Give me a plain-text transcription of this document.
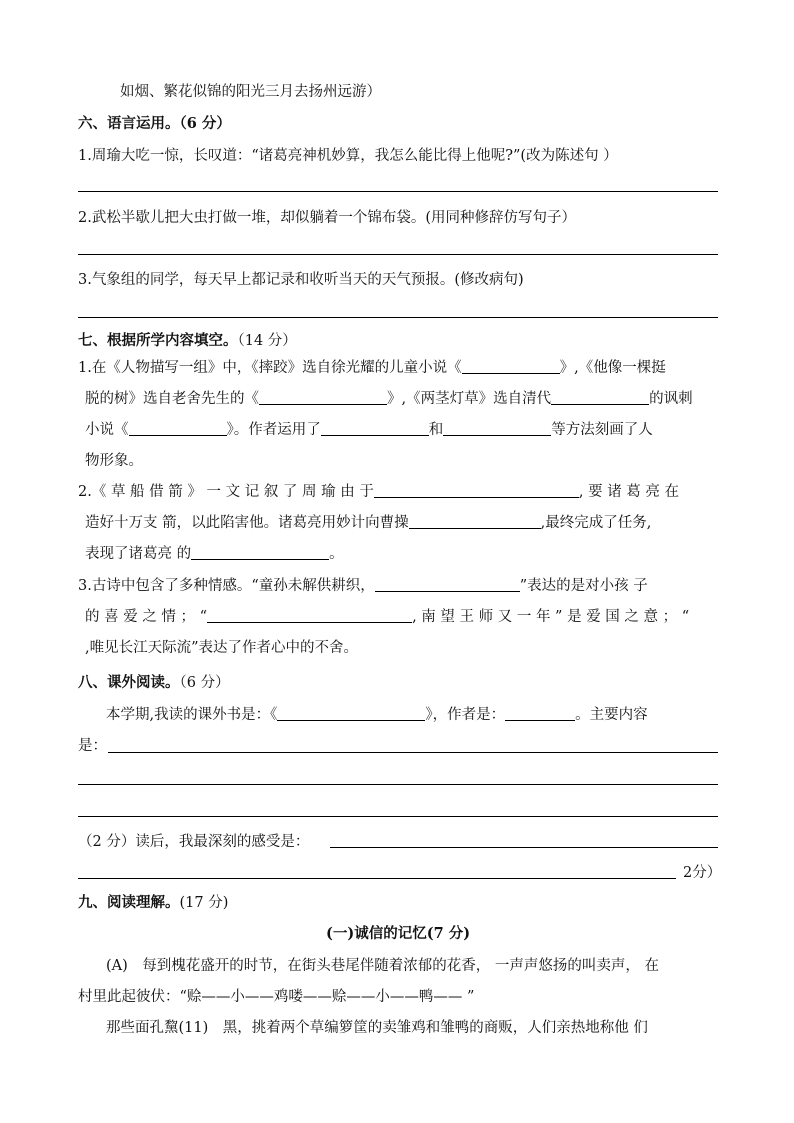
如烟、繁花似锦的阳光三月去扬州远游）
六、语言运用。（6 分）
1.周瑜大吃一惊，长叹道：“诸葛亮神机妙算，我怎么能比得上他呢?”(改为陈述句 ）
2.武松半歇儿把大虫打做一堆，却似躺着一个锦布袋。(用同种修辞仿写句子）
3.气象组的同学，每天早上都记录和收听当天的天气预报。(修改病句)
七、根据所学内容填空。（14 分）
1.在《人物描写一组》中，《摔跤》选自徐光耀的儿童小说《	》,《他像一棵挺
脱的树》选自老舍先生的《	》,《两茎灯草》选自清代	的讽刺
小说《	》。作者运用了	和	等方法刻画了人
物形象。
2.《 草 船 借 箭 》 一 文 记 叙 了 周 瑜 由 于	, 要 诸 葛 亮 在
造好十万支 箭，以此陷害他。诸葛亮用妙计向曹操	,最终完成了任务,
表现了诸葛亮 的	。
3.古诗中包含了多种情感。“童孙未解供耕织，	”表达的是对小孩 子
的 喜 爱 之 情 ； “	, 南 望 王 师 又 一 年 ” 是 爱 国 之 意 ； “
,唯见长江天际流”表达了作者心中的不舍。
八、课外阅读。（6 分）
本学期,我读的课外书是：《	》，作者是：	。主要内容
是：
（2 分）读后，我最深刻的感受是：
2分）
九、阅读理解。(17 分)
(一)诚信的记忆(7 分)
(A)　每到槐花盛开的时节，在街头巷尾伴随着浓郁的花香， 一声声悠扬的叫卖声， 在
村里此起彼伏：“赊——小——鸡喽——赊——小——鸭—— ”
那些面孔黧(11)　黑，挑着两个草编箩筐的卖雏鸡和雏鸭的商贩，人们亲热地称他 们
